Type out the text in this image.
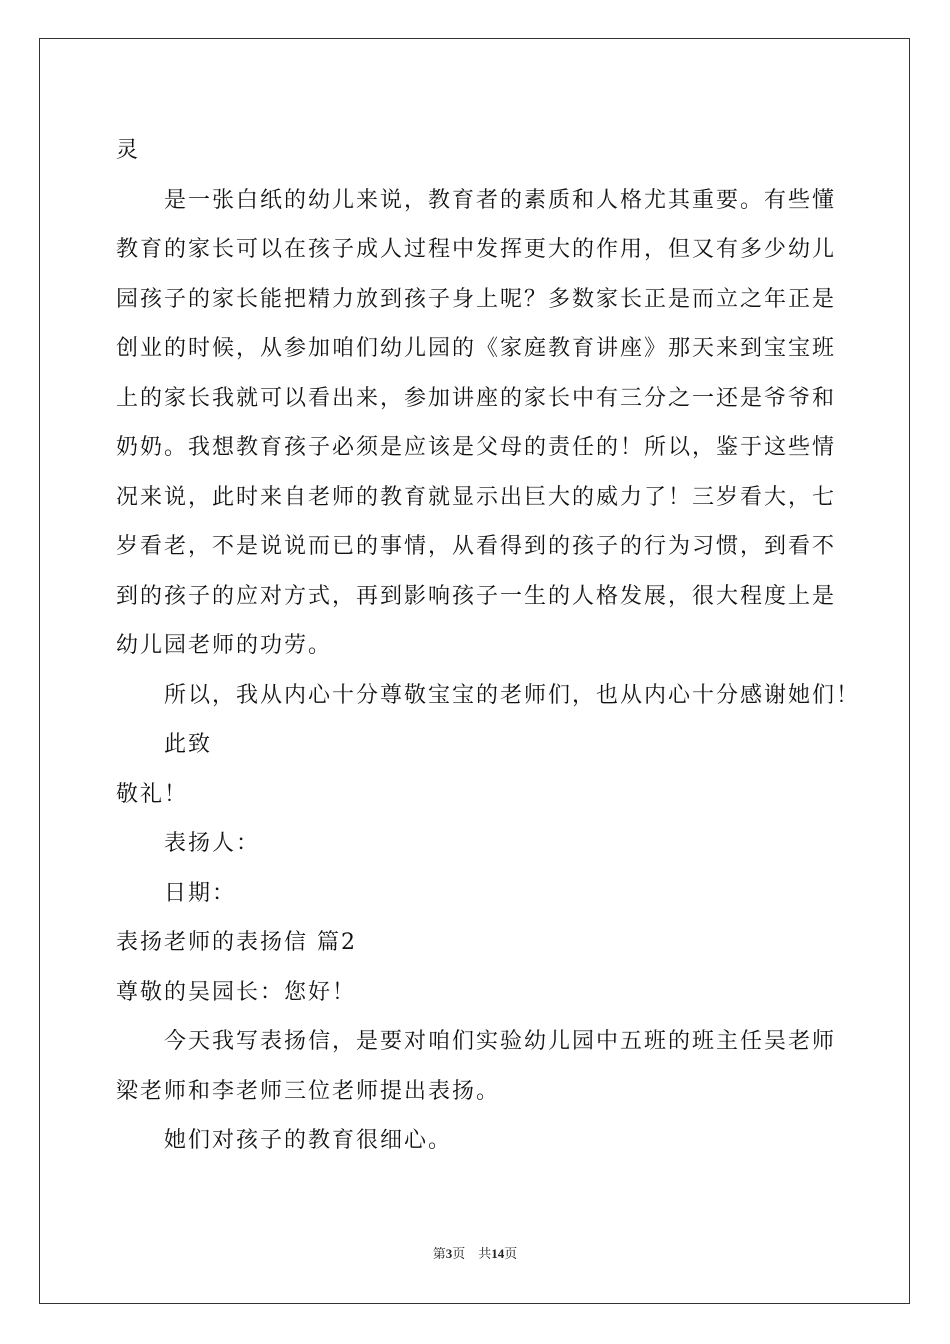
灵
是一张白纸的幼儿来说，教育者的素质和人格尤其重要。有些懂
教育的家长可以在孩子成人过程中发挥更大的作用，但又有多少幼儿
园孩子的家长能把精力放到孩子身上呢？多数家长正是而立之年正是
创业的时候，从参加咱们幼儿园的《家庭教育讲座》那天来到宝宝班
上的家长我就可以看出来，参加讲座的家长中有三分之一还是爷爷和
奶奶。我想教育孩子必须是应该是父母的责任的！所以，鉴于这些情
况来说，此时来自老师的教育就显示出巨大的威力了！三岁看大，七
岁看老，不是说说而已的事情，从看得到的孩子的行为习惯，到看不
到的孩子的应对方式，再到影响孩子一生的人格发展，很大程度上是
幼儿园老师的功劳。
所以，我从内心十分尊敬宝宝的老师们，也从内心十分感谢她们！
此致
敬礼！
表扬人：
日期：
表扬老师的表扬信 篇2
尊敬的吴园长：您好！
今天我写表扬信，是要对咱们实验幼儿园中五班的班主任吴老师
梁老师和李老师三位老师提出表扬。
她们对孩子的教育很细心。
第3页 共14页
